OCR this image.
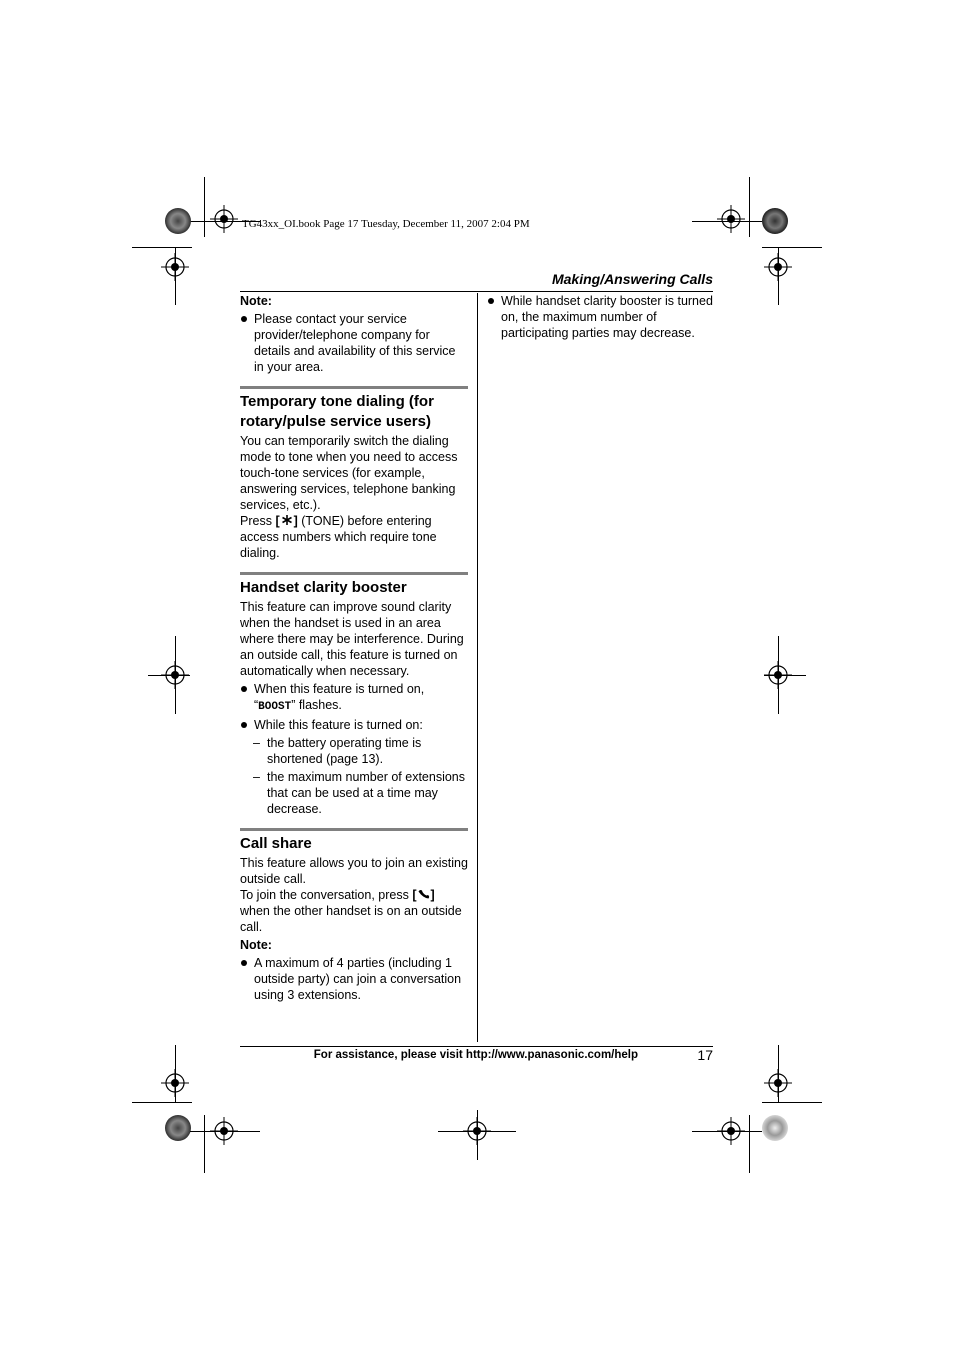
TG43xx_OI.book Page 17 Tuesday, December 11, 2007 2:04 PM
Making/Answering Calls
Note:
Please contact your service provider/telephone company for details and availability of this service in your area.
Temporary tone dialing (for rotary/pulse service users)

You can temporarily switch the dialing mode to tone when you need to access touch-tone services (for example, answering services, telephone banking services, etc.).

Press [ ] (TONE) before entering access numbers which require tone dialing.

Handset clarity booster

This feature can improve sound clarity when the handset is used in an area where there may be interference. During an outside call, this feature is turned on automatically when necessary.

When this feature is turned on, “BOOST” flashes.
While this feature is turned on:
– the battery operating time is shortened (page 13).
– the maximum number of extensions that can be used at a time may decrease.
Call share

This feature allows you to join an existing outside call.

To join the conversation, press [ ] when the other handset is on an outside call.

Note:
A maximum of 4 parties (including 1 outside party) can join a conversation using 3 extensions.
While handset clarity booster is turned on, the maximum number of participating parties may decrease.
For assistance, please visit http://www.panasonic.com/help	17
